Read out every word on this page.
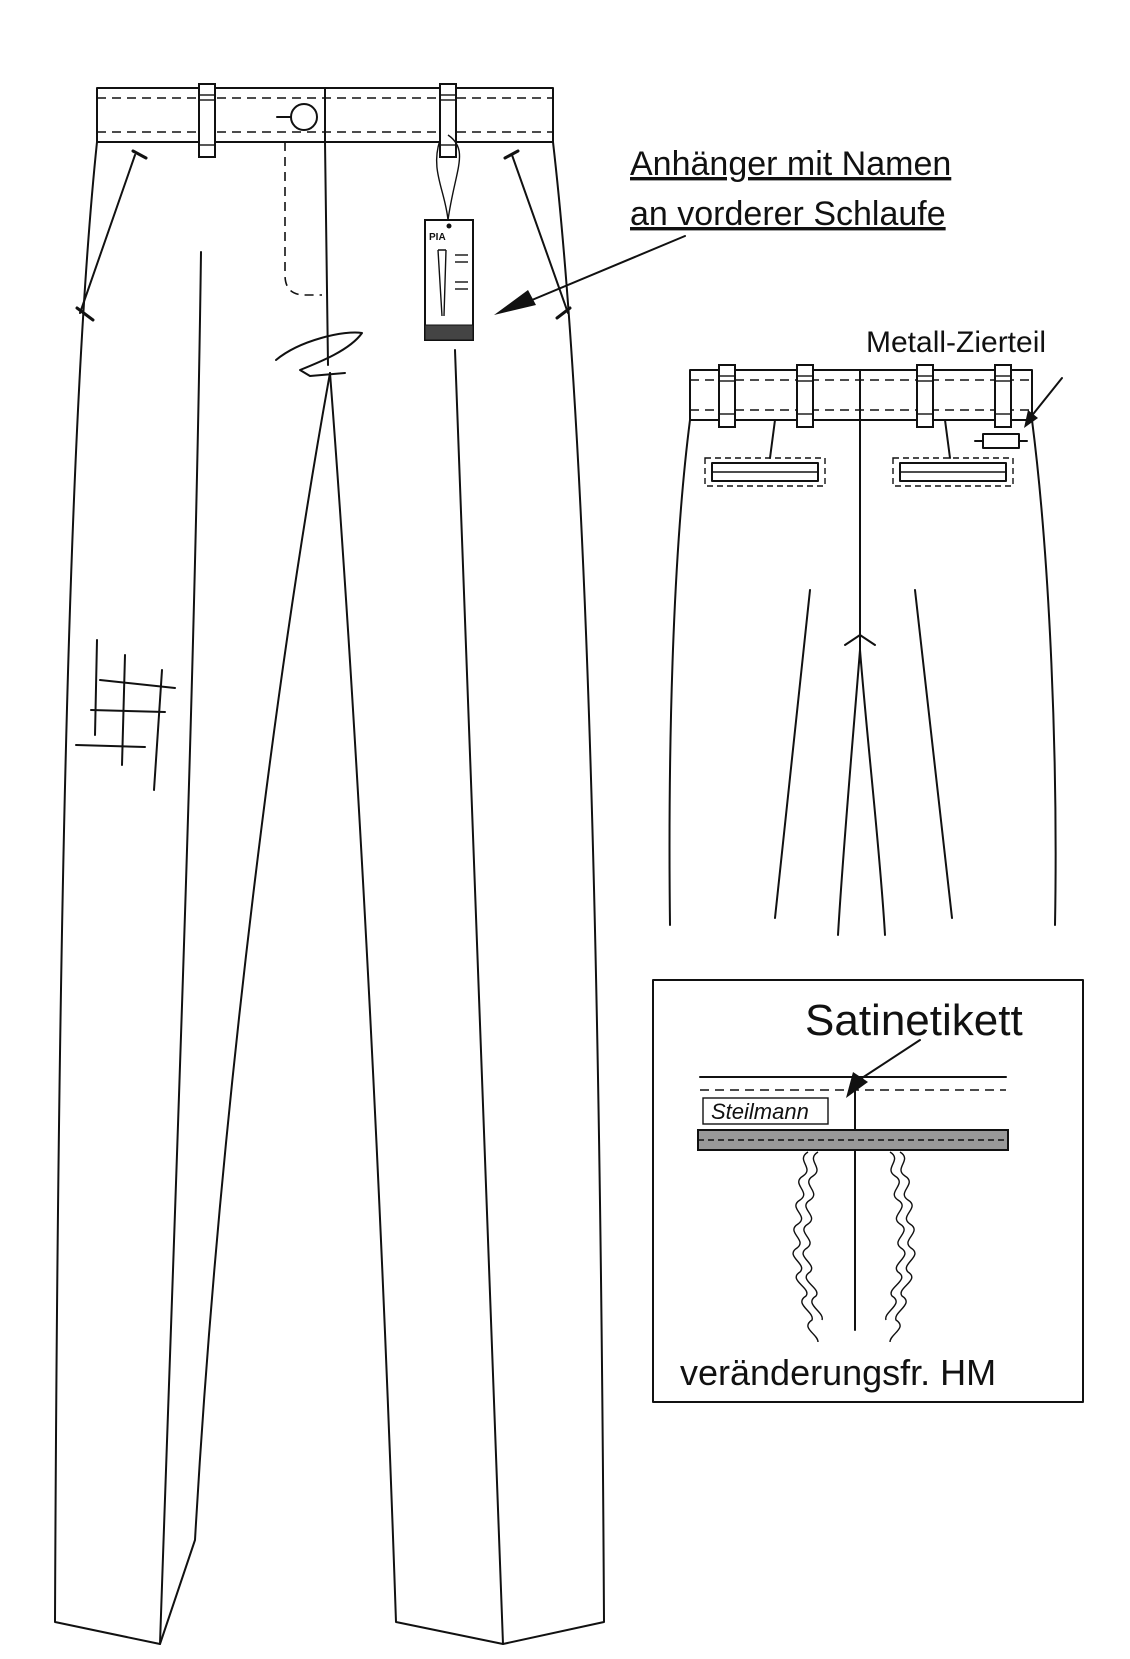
PIA
Anhänger mit Namen
an vorderer Schlaufe
Metall-Zierteil
Satinetikett
Steilmann
veränderungsfr. HM
